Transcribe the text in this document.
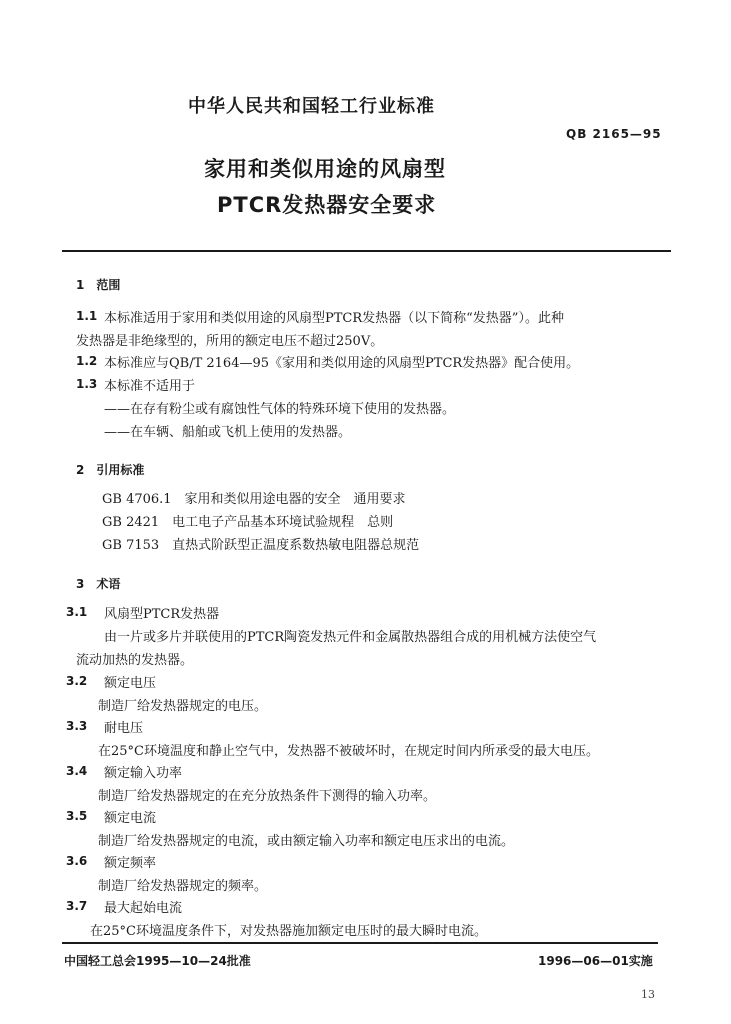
中华人民共和国轻工行业标准
QB 2165—95
家用和类似用途的风扇型
PTCR发热器安全要求
1　范围
1.1 本标准适用于家用和类似用途的风扇型PTCR发热器（以下简称“发热器”）。此种
发热器是非绝缘型的，所用的额定电压不超过250V。
1.2 本标准应与QB/T 2164—95《家用和类似用途的风扇型PTCR发热器》配合使用。
1.3 本标准不适用于
——在存有粉尘或有腐蚀性气体的特殊环境下使用的发热器。
——在车辆、船舶或飞机上使用的发热器。
2　引用标准
GB 4706.1　家用和类似用途电器的安全　通用要求
GB 2421　电工电子产品基本环境试验规程　总则
GB 7153　直热式阶跃型正温度系数热敏电阻器总规范
3　术语
3.1 风扇型PTCR发热器
由一片或多片并联使用的PTCR陶瓷发热元件和金属散热器组合成的用机械方法使空气
流动加热的发热器。
3.2 额定电压
制造厂给发热器规定的电压。
3.3 耐电压
在25°C环境温度和静止空气中，发热器不被破坏时，在规定时间内所承受的最大电压。
3.4 额定输入功率
制造厂给发热器规定的在充分放热条件下测得的输入功率。
3.5 额定电流
制造厂给发热器规定的电流，或由额定输入功率和额定电压求出的电流。
3.6 额定频率
制造厂给发热器规定的频率。
3.7 最大起始电流
在25°C环境温度条件下，对发热器施加额定电压时的最大瞬时电流。
中国轻工总会1995—10—24批准	1996—06—01实施
13
